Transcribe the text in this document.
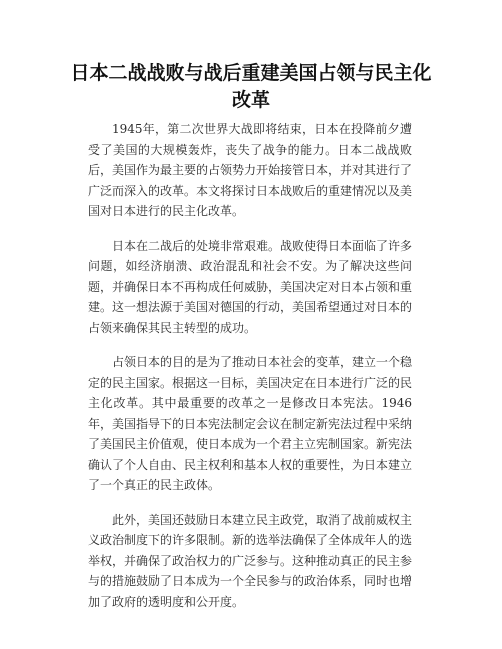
日本二战战败与战后重建美国占领与民主化改革

1945年，第二次世界大战即将结束，日本在投降前夕遭受了美国的大规模轰炸，丧失了战争的能力。日本二战战败后，美国作为最主要的占领势力开始接管日本，并对其进行了广泛而深入的改革。本文将探讨日本战败后的重建情况以及美国对日本进行的民主化改革。

日本在二战后的处境非常艰难。战败使得日本面临了许多问题，如经济崩溃、政治混乱和社会不安。为了解决这些问题，并确保日本不再构成任何威胁，美国决定对日本占领和重建。这一想法源于美国对德国的行动，美国希望通过对日本的占领来确保其民主转型的成功。

占领日本的目的是为了推动日本社会的变革，建立一个稳定的民主国家。根据这一目标，美国决定在日本进行广泛的民主化改革。其中最重要的改革之一是修改日本宪法。1946年，美国指导下的日本宪法制定会议在制定新宪法过程中采纳了美国民主价值观，使日本成为一个君主立宪制国家。新宪法确认了个人自由、民主权利和基本人权的重要性，为日本建立了一个真正的民主政体。

此外，美国还鼓励日本建立民主政党，取消了战前威权主义政治制度下的许多限制。新的选举法确保了全体成年人的选举权，并确保了政治权力的广泛参与。这种推动真正的民主参与的措施鼓励了日本成为一个全民参与的政治体系，同时也增加了政府的透明度和公开度。
